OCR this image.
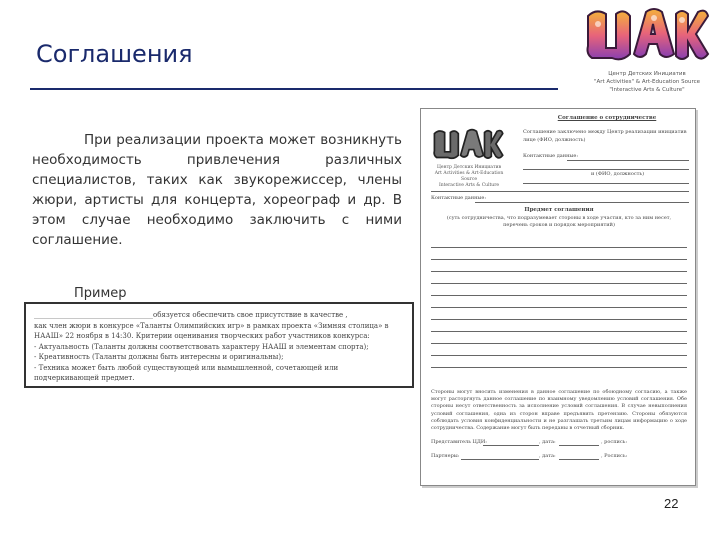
Соглашения
Центр Детских Инициатив
"Art Activities" & Art-Education Source
"Interactive Arts & Culture"

При реализации проекта может возникнуть необходимость привлечения различных специалистов, таких как звукорежиссер, члены жюри, артисты для концерта, хореограф и др. В этом случае необходимо заключить с ними соглашение.

Пример
__________________________________обязуется обеспечить свое присутствие в качестве ,
как член жюри в конкурсе «Таланты Олимпийских игр» в рамках проекта «Зимняя столица» в
НААШ» 22 ноября в 14:30. Критерии оценивания творческих работ участников конкурса:
- Актуальность (Таланты должны соответствовать характеру НААШ и элементам спорта);
- Креативность (Таланты должны быть интересны и оригинальны);
- Техника может быть любой существующей или вымышленной, сочетающей или
подчеркивающей предмет.
Центр Детских Инициатив
Art Activities & Art-Education Source
Interactive Arts & Culture
Соглашение о сотрудничестве
Соглашение заключено между Центр реализации инициатив
лице (ФИО, должность)
Контактные данные:
и (ФИО, должность)
Контактные данные:
Предмет соглашения
(суть сотрудничества, что подразумевает стороны в ходе участия, кто за ним несет,
перечень сроков и порядок мероприятий)

Стороны могут вносить изменения в данное соглашение по обоюдному согласию, а также могут расторгнуть данное соглашение по взаимному уведомлению условий соглашения. Обе стороны несут ответственность за исполнение условий соглашения. В случае невыполнения условий соглашения, одна из сторон вправе предъявить претензию. Стороны обязуются соблюдать условия конфиденциальности и не разглашать третьим лицам информацию о ходе сотрудничества. Содержание могут быть переданы в отчетный сборник.

Представитель ЦДИ:	, дата:	, роспись:
Партнеры:	, дата:	, Роспись:
22
